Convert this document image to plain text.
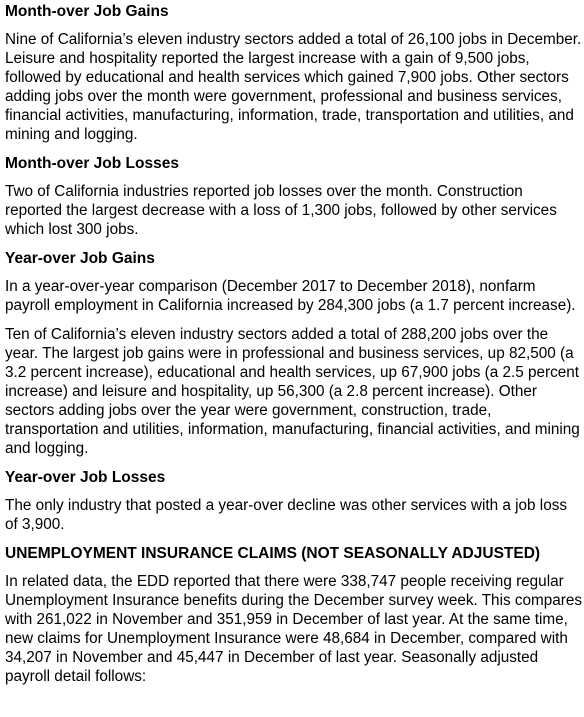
Month-over Job Gains

Nine of California’s eleven industry sectors added a total of 26,100 jobs in December. Leisure and hospitality reported the largest increase with a gain of 9,500 jobs, followed by educational and health services which gained 7,900 jobs. Other sectors adding jobs over the month were government, professional and business services, financial activities, manufacturing, information, trade, transportation and utilities, and mining and logging.

Month-over Job Losses

Two of California industries reported job losses over the month. Construction reported the largest decrease with a loss of 1,300 jobs, followed by other services which lost 300 jobs.

Year-over Job Gains

In a year-over-year comparison (December 2017 to December 2018), nonfarm payroll employment in California increased by 284,300 jobs (a 1.7 percent increase).

Ten of California’s eleven industry sectors added a total of 288,200 jobs over the year. The largest job gains were in professional and business services, up 82,500 (a 3.2 percent increase), educational and health services, up 67,900 jobs (a 2.5 percent increase) and leisure and hospitality, up 56,300 (a 2.8 percent increase). Other sectors adding jobs over the year were government, construction, trade, transportation and utilities, information, manufacturing, financial activities, and mining and logging.

Year-over Job Losses

The only industry that posted a year-over decline was other services with a job loss of 3,900.

UNEMPLOYMENT INSURANCE CLAIMS (NOT SEASONALLY ADJUSTED)

In related data, the EDD reported that there were 338,747 people receiving regular Unemployment Insurance benefits during the December survey week. This compares with 261,022 in November and 351,959 in December of last year. At the same time, new claims for Unemployment Insurance were 48,684 in December, compared with 34,207 in November and 45,447 in December of last year. Seasonally adjusted payroll detail follows:
